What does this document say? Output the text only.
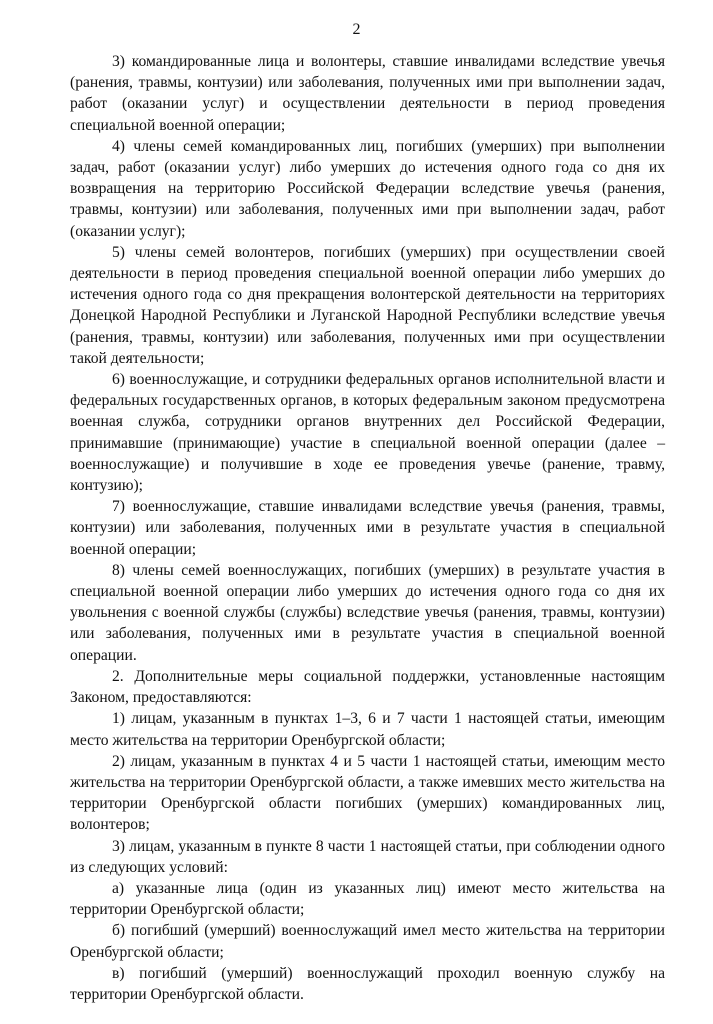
2

3) командированные лица и волонтеры, ставшие инвалидами вследствие увечья (ранения, травмы, контузии) или заболевания, полученных ими при выполнении задач, работ (оказании услуг) и осуществлении деятельности в период проведения специальной военной операции;

4) члены семей командированных лиц, погибших (умерших) при выполнении задач, работ (оказании услуг) либо умерших до истечения одного года со дня их возвращения на территорию Российской Федерации вследствие увечья (ранения, травмы, контузии) или заболевания, полученных ими при выполнении задач, работ (оказании услуг);

5) члены семей волонтеров, погибших (умерших) при осуществлении своей деятельности в период проведения специальной военной операции либо умерших до истечения одного года со дня прекращения волонтерской деятельности на территориях Донецкой Народной Республики и Луганской Народной Республики вследствие увечья (ранения, травмы, контузии) или заболевания, полученных ими при осуществлении такой деятельности;

6) военнослужащие, и сотрудники федеральных органов исполнительной власти и федеральных государственных органов, в которых федеральным законом предусмотрена военная служба, сотрудники органов внутренних дел Российской Федерации, принимавшие (принимающие) участие в специальной военной операции (далее – военнослужащие) и получившие в ходе ее проведения увечье (ранение, травму, контузию);

7) военнослужащие, ставшие инвалидами вследствие увечья (ранения, травмы, контузии) или заболевания, полученных ими в результате участия в специальной военной операции;

8) члены семей военнослужащих, погибших (умерших) в результате участия в специальной военной операции либо умерших до истечения одного года со дня их увольнения с военной службы (службы) вследствие увечья (ранения, травмы, контузии) или заболевания, полученных ими в результате участия в специальной военной операции.

2. Дополнительные меры социальной поддержки, установленные настоящим Законом, предоставляются:

1) лицам, указанным в пунктах 1–3, 6 и 7 части 1 настоящей статьи, имеющим место жительства на территории Оренбургской области;

2) лицам, указанным в пунктах 4 и 5 части 1 настоящей статьи, имеющим место жительства на территории Оренбургской области, а также имевших место жительства на территории Оренбургской области погибших (умерших) командированных лиц, волонтеров;

3) лицам, указанным в пункте 8 части 1 настоящей статьи, при соблюдении одного из следующих условий:

а) указанные лица (один из указанных лиц) имеют место жительства на территории Оренбургской области;

б) погибший (умерший) военнослужащий имел место жительства на территории Оренбургской области;

в) погибший (умерший) военнослужащий проходил военную службу на территории Оренбургской области.
